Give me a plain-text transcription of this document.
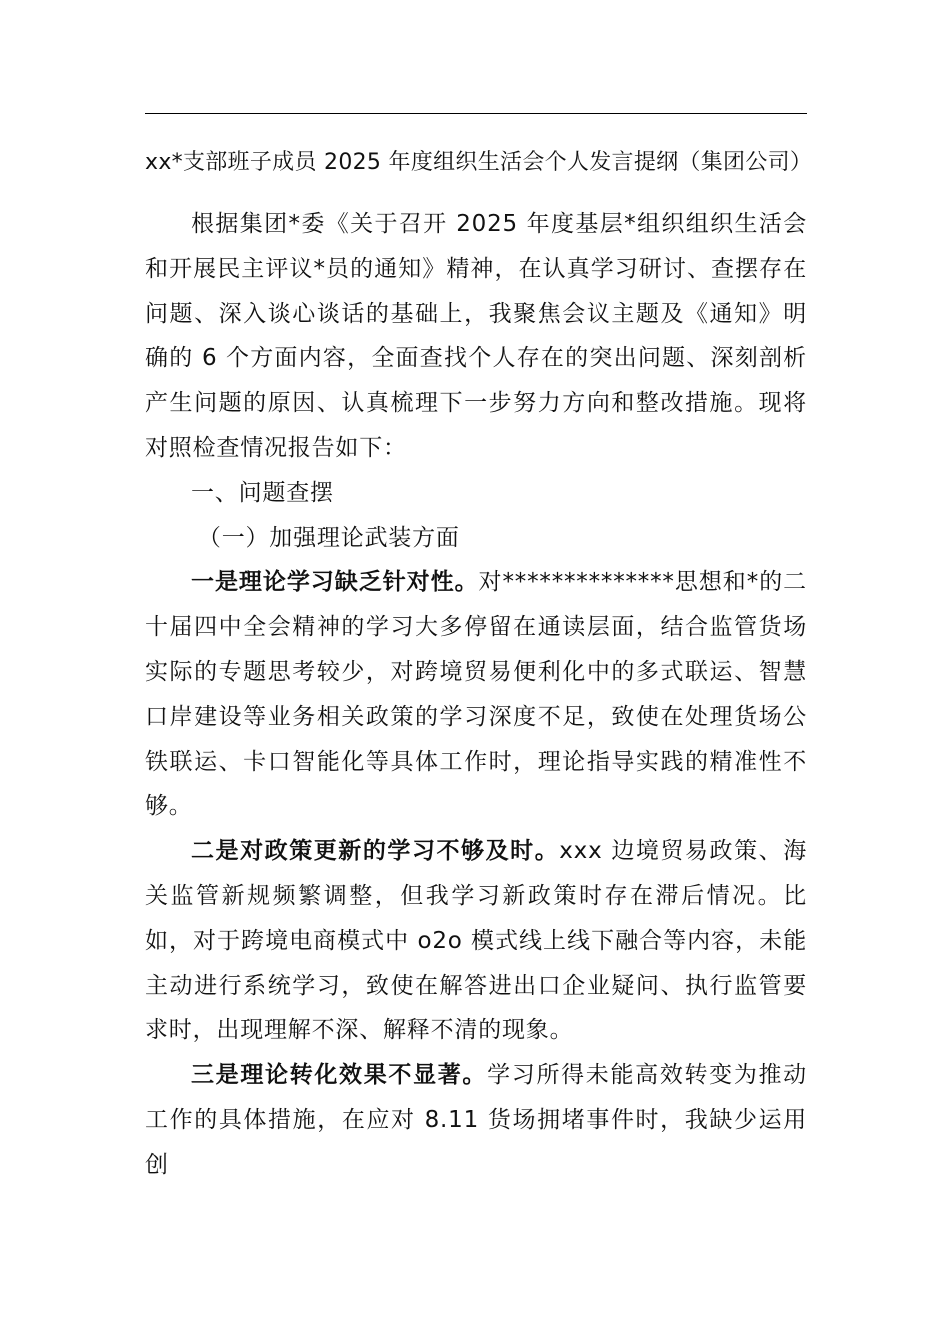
xx*支部班子成员 2025 年度组织生活会个人发言提纲（集团公司）

根据集团*委《关于召开 2025 年度基层*组织组织生活会和开展民主评议*员的通知》精神，在认真学习研讨、查摆存在问题、深入谈心谈话的基础上，我聚焦会议主题及《通知》明确的 6 个方面内容，全面查找个人存在的突出问题、深刻剖析产生问题的原因、认真梳理下一步努力方向和整改措施。现将对照检查情况报告如下：

一、问题查摆

（一）加强理论武装方面

一是理论学习缺乏针对性。对**************思想和*的二十届四中全会精神的学习大多停留在通读层面，结合监管货场实际的专题思考较少，对跨境贸易便利化中的多式联运、智慧口岸建设等业务相关政策的学习深度不足，致使在处理货场公铁联运、卡口智能化等具体工作时，理论指导实践的精准性不够。

二是对政策更新的学习不够及时。xxx 边境贸易政策、海关监管新规频繁调整，但我学习新政策时存在滞后情况。比如，对于跨境电商模式中 o2o 模式线上线下融合等内容，未能主动进行系统学习，致使在解答进出口企业疑问、执行监管要求时，出现理解不深、解释不清的现象。

三是理论转化效果不显著。学习所得未能高效转变为推动工作的具体措施，在应对 8.11 货场拥堵事件时，我缺少运用创
